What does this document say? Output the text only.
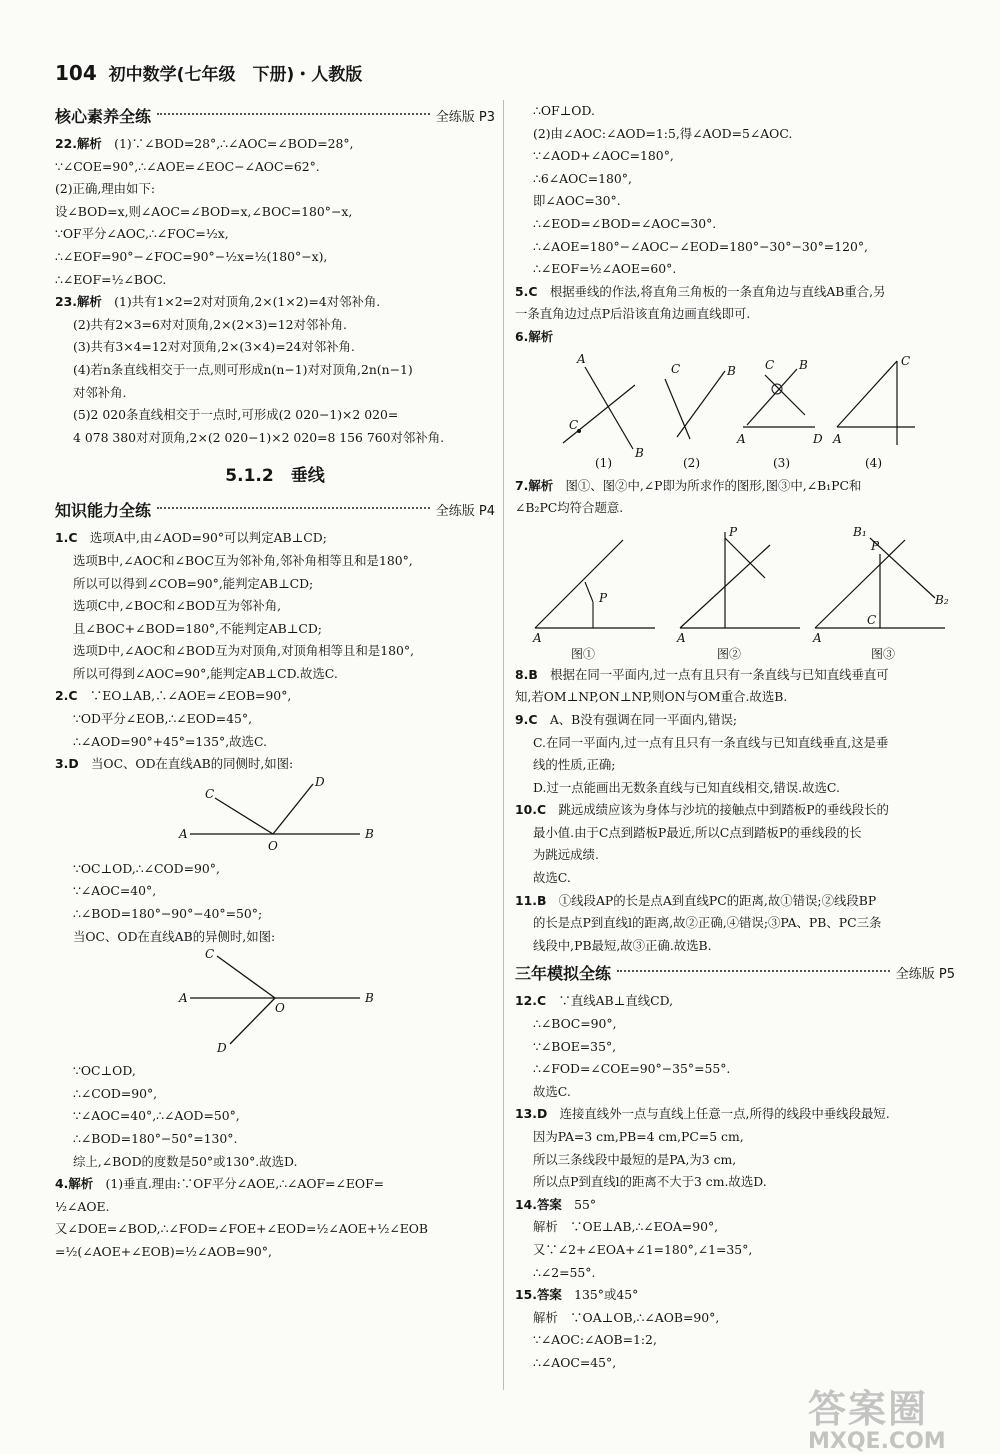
104 初中数学(七年级　下册)・人教版
核心素养全练	全练版 P3

22.解析　 (1)∵∠BOD=28°,∴∠AOC=∠BOD=28°,

∵∠COE=90°,∴∠AOE=∠EOC−∠AOC=62°.

(2)正确,理由如下:

设∠BOD=x,则∠AOC=∠BOD=x,∠BOC=180°−x,

∵OF平分∠AOC,∴∠FOC=½x,

∴∠EOF=90°−∠FOC=90°−½x=½(180°−x),

∴∠EOF=½∠BOC.

23.解析　 (1)共有1×2=2对对顶角,2×(1×2)=4对邻补角.

(2)共有2×3=6对对顶角,2×(2×3)=12对邻补角.

(3)共有3×4=12对对顶角,2×(3×4)=24对邻补角.

(4)若n条直线相交于一点,则可形成n(n−1)对对顶角,2n(n−1)

对邻补角.

(5)2 020条直线相交于一点时,可形成(2 020−1)×2 020=

4 078 380对对顶角,2×(2 020−1)×2 020=8 156 760对邻补角.

5.1.2　垂线
知识能力全练	全练版 P4

1.C　 选项A中,由∠AOD=90°可以判定AB⊥CD;

选项B中,∠AOC和∠BOC互为邻补角,邻补角相等且和是180°,

所以可以得到∠COB=90°,能判定AB⊥CD;

选项C中,∠BOC和∠BOD互为邻补角,

且∠BOC+∠BOD=180°,不能判定AB⊥CD;

选项D中,∠AOC和∠BOD互为对顶角,对顶角相等且和是180°,

所以可得到∠AOC=90°,能判定AB⊥CD.故选C.

2.C　 ∵EO⊥AB,∴∠AOE=∠EOB=90°,

∵OD平分∠EOB,∴∠EOD=45°,

∴∠AOD=90°+45°=135°,故选C.

3.D　 当OC、OD在直线AB的同侧时,如图:

C
D
A
O
B

∵OC⊥OD,∴∠COD=90°,

∵∠AOC=40°,

∴∠BOD=180°−90°−40°=50°;

当OC、OD在直线AB的异侧时,如图:

C
A
O
B
D

∵OC⊥OD,

∴∠COD=90°,

∵∠AOC=40°,∴∠AOD=50°,

∴∠BOD=180°−50°=130°.

综上,∠BOD的度数是50°或130°.故选D.

4.解析　 (1)垂直.理由:∵OF平分∠AOE,∴∠AOF=∠EOF=

½∠AOE.

又∠DOE=∠BOD,∴∠FOD=∠FOE+∠EOD=½∠AOE+½∠EOB

=½(∠AOE+∠EOB)=½∠AOB=90°,

∴OF⊥OD.

(2)由∠AOC:∠AOD=1:5,得∠AOD=5∠AOC.

∵∠AOD+∠AOC=180°,

∴6∠AOC=180°,

即∠AOC=30°.

∴∠EOD=∠BOD=∠AOC=30°.

∴∠AOE=180°−∠AOC−∠EOD=180°−30°−30°=120°,

∴∠EOF=½∠AOE=60°.

5.C　 根据垂线的作法,将直角三角板的一条直角边与直线AB重合,另

一条直角边过点P后沿该直角边画直线即可.

6.解析　

A
C
B
C	B	B
C
A	D
C
A
(1)	(2)	(3)	(4)

7.解析　 图①、图②中,∠P即为所求作的图形,图③中,∠B₁PC和

∠B₂PC均符合题意.

P
A
图①
P
A
图②
B₁
P
B₂
C
A
图③

8.B　 根据在同一平面内,过一点有且只有一条直线与已知直线垂直可

知,若OM⊥NP,ON⊥NP,则ON与OM重合.故选B.

9.C　 A、B没有强调在同一平面内,错误;

C.在同一平面内,过一点有且只有一条直线与已知直线垂直,这是垂

线的性质,正确;

D.过一点能画出无数条直线与已知直线相交,错误.故选C.

10.C　 跳远成绩应该为身体与沙坑的接触点中到踏板P的垂线段长的

最小值.由于C点到踏板P最近,所以C点到踏板P的垂线段的长

为跳远成绩.

故选C.

11.B　 ①线段AP的长是点A到直线PC的距离,故①错误;②线段BP

的长是点P到直线l的距离,故②正确,④错误;③PA、PB、PC三条

线段中,PB最短,故③正确.故选B.

三年模拟全练	全练版 P5

12.C　 ∵直线AB⊥直线CD,

∴∠BOC=90°,

∵∠BOE=35°,

∴∠FOD=∠COE=90°−35°=55°.

故选C.

13.D　 连接直线外一点与直线上任意一点,所得的线段中垂线段最短.

因为PA=3 cm,PB=4 cm,PC=5 cm,

所以三条线段中最短的是PA,为3 cm,

所以点P到直线l的距离不大于3 cm.故选D.

14.答案　 55°

解析　∵OE⊥AB,∴∠EOA=90°,

又∵∠2+∠EOA+∠1=180°,∠1=35°,

∴∠2=55°.

15.答案　 135°或45°

解析　∵OA⊥OB,∴∠AOB=90°,

∵∠AOC:∠AOB=1:2,

∴∠AOC=45°,

答案圈
MXQE.COM
